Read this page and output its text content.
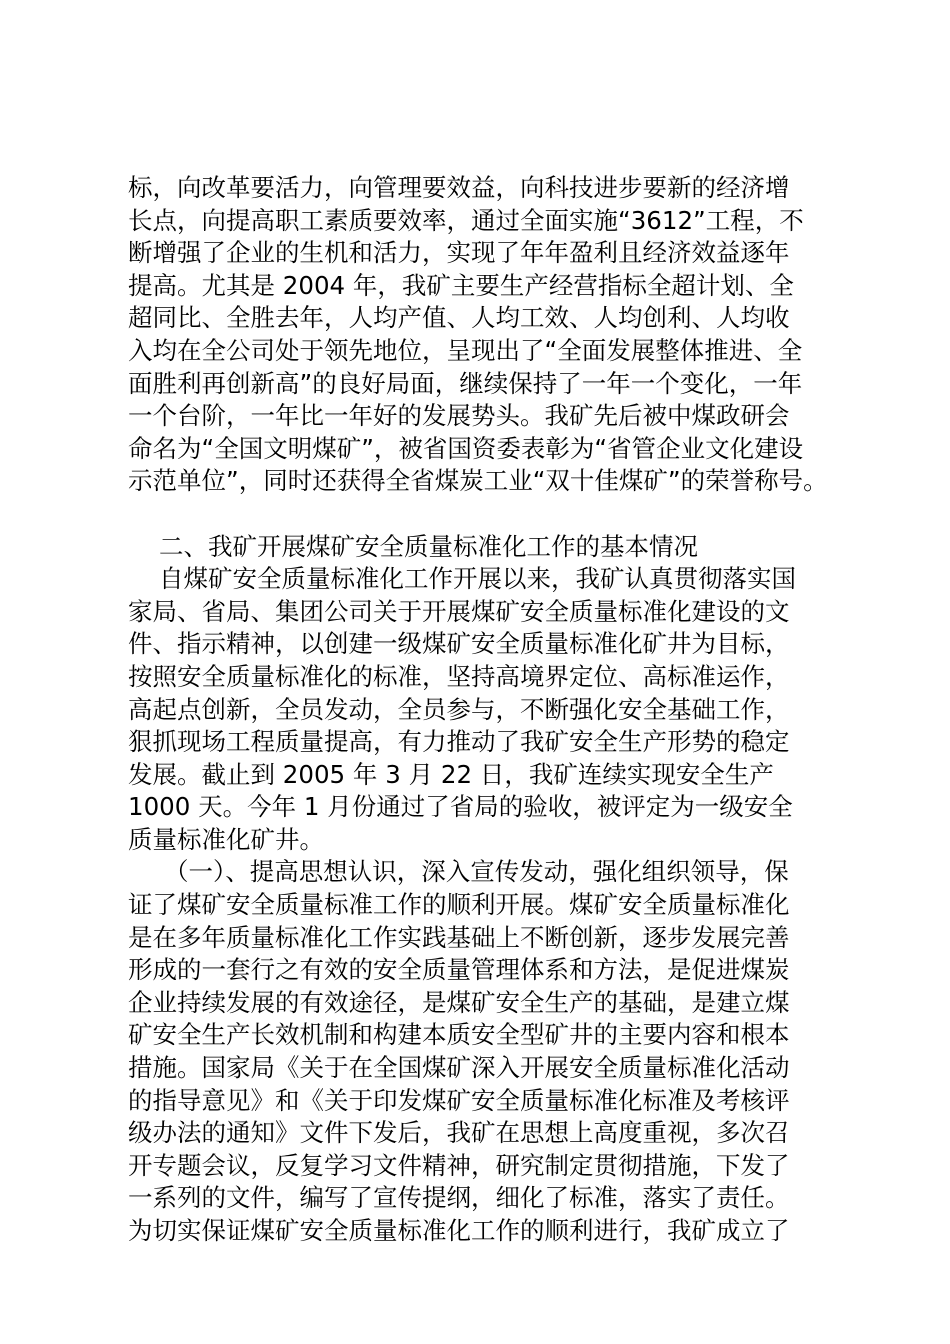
标，向改革要活力，向管理要效益，向科技进步要新的经济增
长点，向提高职工素质要效率，通过全面实施“3612”工程，不
断增强了企业的生机和活力，实现了年年盈利且经济效益逐年
提高。尤其是 2004 年，我矿主要生产经营指标全超计划、全
超同比、全胜去年，人均产值、人均工效、人均创利、人均收
入均在全公司处于领先地位，呈现出了“全面发展整体推进、全
面胜利再创新高”的良好局面，继续保持了一年一个变化，一年
一个台阶，一年比一年好的发展势头。我矿先后被中煤政研会
命名为“全国文明煤矿”，被省国资委表彰为“省管企业文化建设
示范单位”，同时还获得全省煤炭工业“双十佳煤矿”的荣誉称号。
二、我矿开展煤矿安全质量标准化工作的基本情况
自煤矿安全质量标准化工作开展以来，我矿认真贯彻落实国
家局、省局、集团公司关于开展煤矿安全质量标准化建设的文
件、指示精神，以创建一级煤矿安全质量标准化矿井为目标，
按照安全质量标准化的标准，坚持高境界定位、高标准运作，
高起点创新，全员发动，全员参与，不断强化安全基础工作，
狠抓现场工程质量提高，有力推动了我矿安全生产形势的稳定
发展。截止到 2005 年 3 月 22 日，我矿连续实现安全生产
1000 天。今年 1 月份通过了省局的验收，被评定为一级安全
质量标准化矿井。
（一）、提高思想认识，深入宣传发动，强化组织领导，保
证了煤矿安全质量标准工作的顺利开展。煤矿安全质量标准化
是在多年质量标准化工作实践基础上不断创新，逐步发展完善
形成的一套行之有效的安全质量管理体系和方法，是促进煤炭
企业持续发展的有效途径，是煤矿安全生产的基础，是建立煤
矿安全生产长效机制和构建本质安全型矿井的主要内容和根本
措施。国家局《关于在全国煤矿深入开展安全质量标准化活动
的指导意见》和《关于印发煤矿安全质量标准化标准及考核评
级办法的通知》文件下发后，我矿在思想上高度重视，多次召
开专题会议，反复学习文件精神，研究制定贯彻措施，下发了
一系列的文件，编写了宣传提纲，细化了标准，落实了责任。
为切实保证煤矿安全质量标准化工作的顺利进行，我矿成立了
